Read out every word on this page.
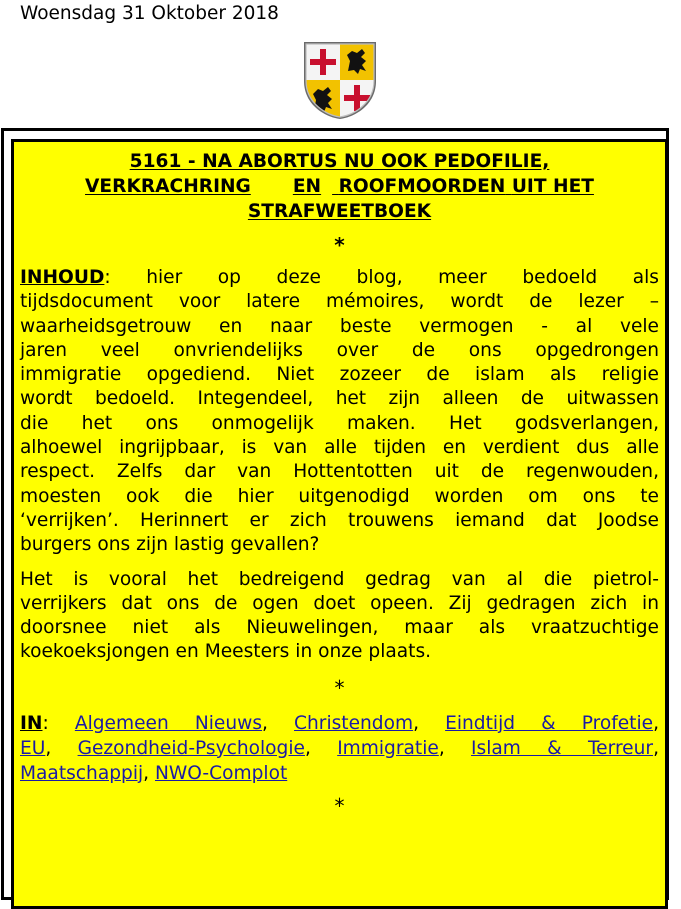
Woensdag 31 Oktober 2018
5161 - NA ABORTUS NU OOK PEDOFILIE,
VERKRACHRING EN ROOFMOORDEN UIT HET
STRAFWEETBOEK
*

INHOUD: hier op deze blog, meer bedoeld als
tijdsdocument voor latere mémoires, wordt de lezer –
waarheidsgetrouw en naar beste vermogen - al vele
jaren veel onvriendelijks over de ons opgedrongen
immigratie opgediend. Niet zozeer de islam als religie
wordt bedoeld. Integendeel, het zijn alleen de uitwassen
die het ons onmogelijk maken. Het godsverlangen,
alhoewel ingrijpbaar, is van alle tijden en verdient dus alle
respect. Zelfs dar van Hottentotten uit de regenwouden,
moesten ook die hier uitgenodigd worden om ons te
‘verrijken’. Herinnert er zich trouwens iemand dat Joodse
burgers ons zijn lastig gevallen?

Het is vooral het bedreigend gedrag van al die pietrol-
verrijkers dat ons de ogen doet opeen. Zij gedragen zich in
doorsnee niet als Nieuwelingen, maar als vraatzuchtige
koekoeksjongen en Meesters in onze plaats.

*
IN: Algemeen Nieuws, Christendom, Eindtijd & Profetie,
EU, Gezondheid-Psychologie, Immigratie, Islam & Terreur,
Maatschappij, NWO-Complot
*
